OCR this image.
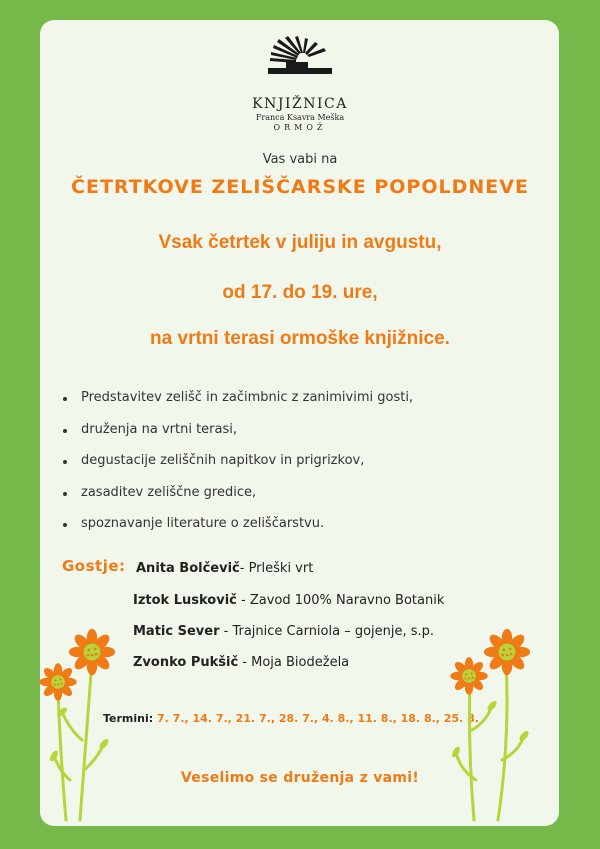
KNJIŽNICA
Franca Ksavra Meška
ORMOŽ
Vas vabi na
ČETRTKOVE ZELIŠČARSKE POPOLDNEVE
Vsak četrtek v juliju in avgustu,
od 17. do 19. ure,
na vrtni terasi ormoške knjižnice.
Predstavitev zelišč in začimbnic z zanimivimi gosti,
druženja na vrtni terasi,
degustacije zeliščnih napitkov in prigrizkov,
zasaditev zeliščne gredice,
spoznavanje literature o zeliščarstvu.
Gostje: Anita Bolčevič- Prleški vrt
Iztok Luskovič - Zavod 100% Naravno Botanik
Matic Sever - Trajnice Carniola – gojenje, s.p.
Zvonko Pukšič - Moja Biodežela
Termini: 7. 7., 14. 7., 21. 7., 28. 7., 4. 8., 11. 8., 18. 8., 25. 8.
Veselimo se druženja z vami!
